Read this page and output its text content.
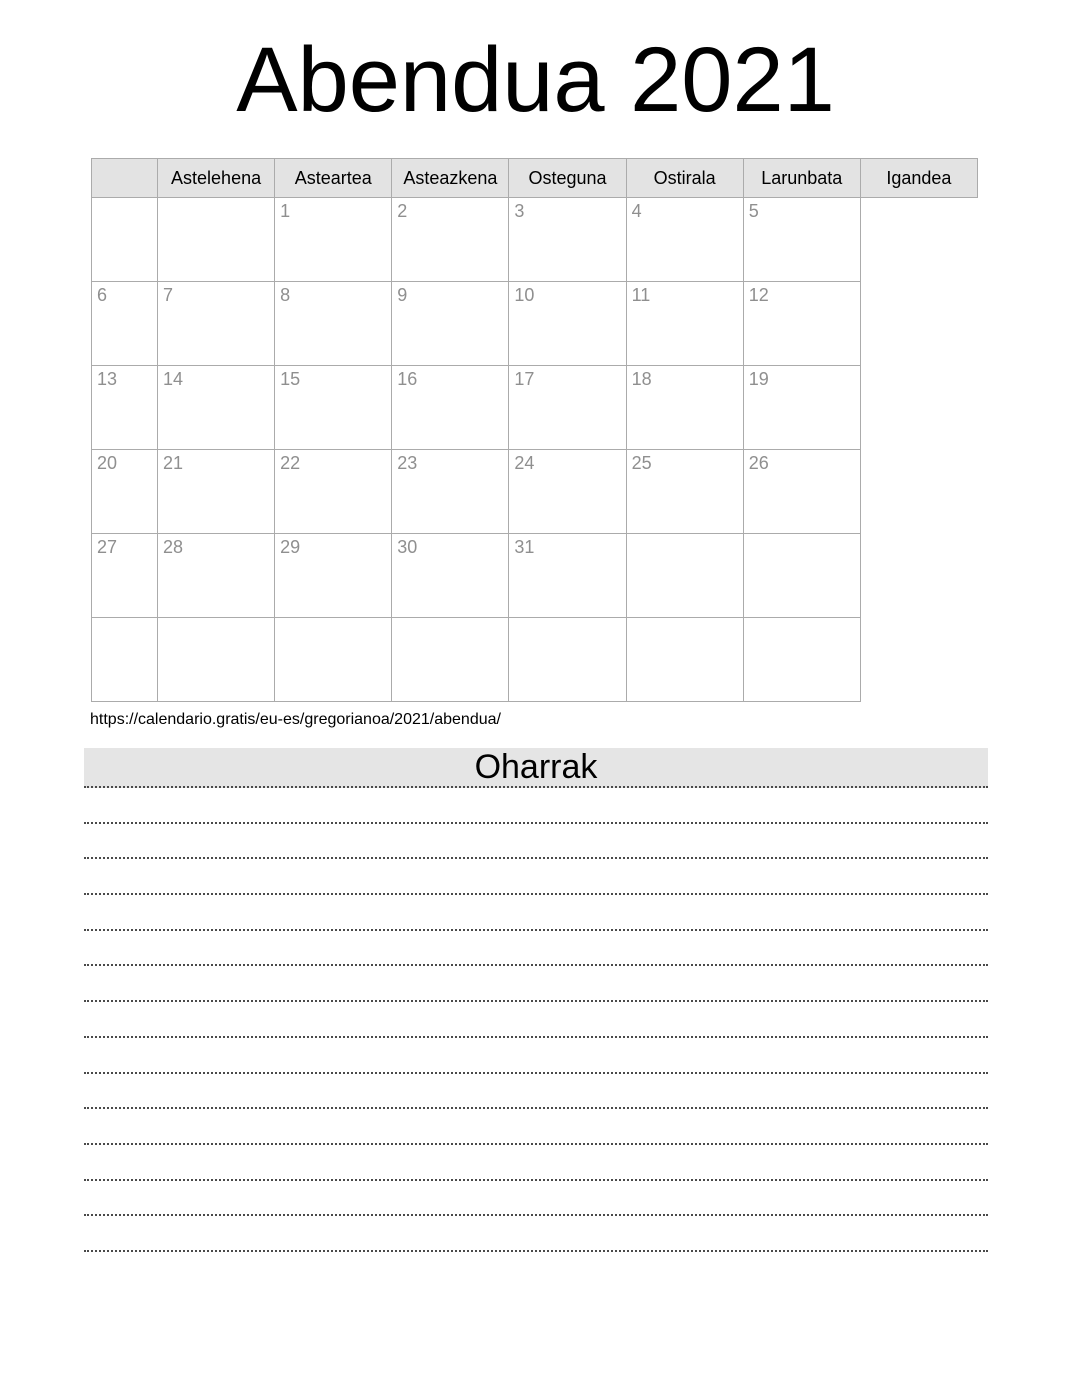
Abendua 2021
	Astelehena	Asteartea	Asteazkena	Osteguna	Ostirala	Larunbata	Igandea
		1	2	3	4	5	
6	7	8	9	10	11	12	
13	14	15	16	17	18	19	
20	21	22	23	24	25	26	
27	28	29	30	31			

https://calendario.gratis/eu-es/gregorianoa/2021/abendua/
Oharrak
